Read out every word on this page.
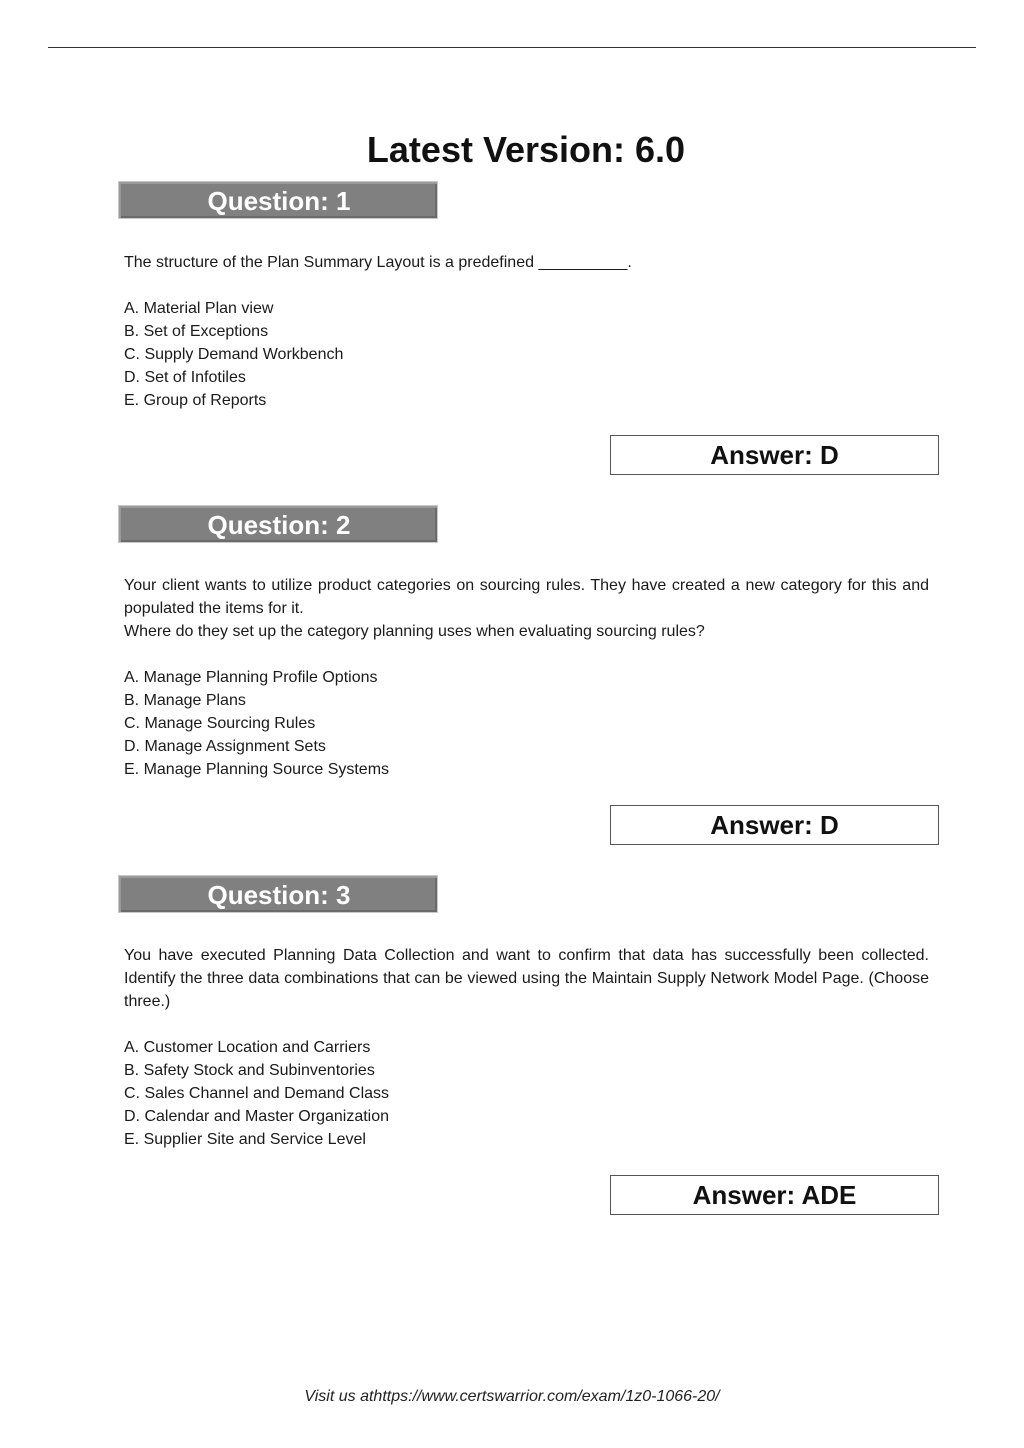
Latest Version: 6.0
Question: 1

The structure of the Plan Summary Layout is a predefined __________.

A. Material Plan view
B. Set of Exceptions
C. Supply Demand Workbench
D. Set of Infotiles
E. Group of Reports
Answer: D
Question: 2

Your client wants to utilize product categories on sourcing rules. They have created a new category for this and populated the items for it.
Where do they set up the category planning uses when evaluating sourcing rules?

A. Manage Planning Profile Options
B. Manage Plans
C. Manage Sourcing Rules
D. Manage Assignment Sets
E. Manage Planning Source Systems
Answer: D
Question: 3

You have executed Planning Data Collection and want to confirm that data has successfully been collected. Identify the three data combinations that can be viewed using the Maintain Supply Network Model Page. (Choose three.)

A. Customer Location and Carriers
B. Safety Stock and Subinventories
C. Sales Channel and Demand Class
D. Calendar and Master Organization
E. Supplier Site and Service Level
Answer: ADE
Visit us athttps://www.certswarrior.com/exam/1z0-1066-20/
